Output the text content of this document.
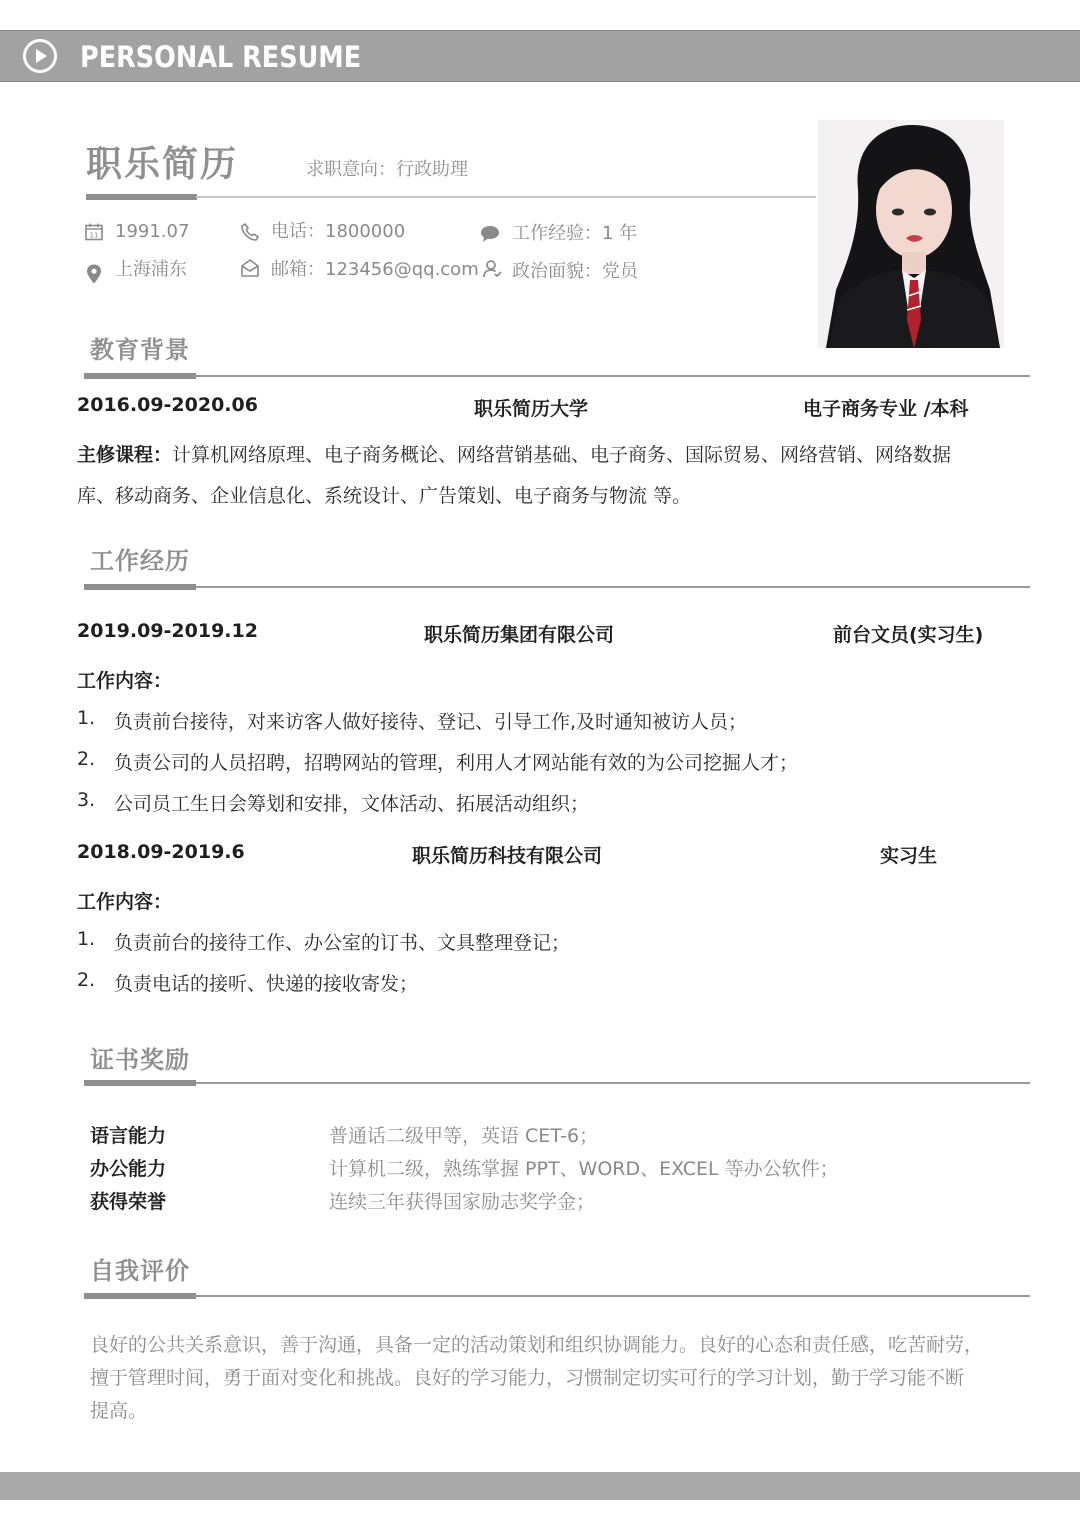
PERSONAL RESUME
职乐简历	求职意向：行政助理
11 1991.07	电话：1800000	工作经验：1 年
上海浦东	邮箱：123456@qq.com 政治面貌：党员
教育背景
2016.09-2020.06	职乐简历大学	电子商务专业 /本科
主修课程：计算机网络原理、电子商务概论、网络营销基础、电子商务、国际贸易、网络营销、网络数据
库、移动商务、企业信息化、系统设计、广告策划、电子商务与物流 等。
工作经历
2019.09-2019.12	职乐简历集团有限公司	前台文员(实习生)
工作内容：
1. 负责前台接待，对来访客人做好接待、登记、引导工作,及时通知被访人员；
2. 负责公司的人员招聘，招聘网站的管理，利用人才网站能有效的为公司挖掘人才；
3. 公司员工生日会筹划和安排，文体活动、拓展活动组织；
2018.09-2019.6	职乐简历科技有限公司	实习生
工作内容：
1. 负责前台的接待工作、办公室的订书、文具整理登记；
2. 负责电话的接听、快递的接收寄发；
证书奖励
语言能力	普通话二级甲等，英语 CET-6；
办公能力	计算机二级，熟练掌握 PPT、WORD、EXCEL 等办公软件；
获得荣誉	连续三年获得国家励志奖学金；
自我评价
良好的公共关系意识，善于沟通，具备一定的活动策划和组织协调能力。良好的心态和责任感，吃苦耐劳，
擅于管理时间，勇于面对变化和挑战。良好的学习能力，习惯制定切实可行的学习计划，勤于学习能不断
提高。
